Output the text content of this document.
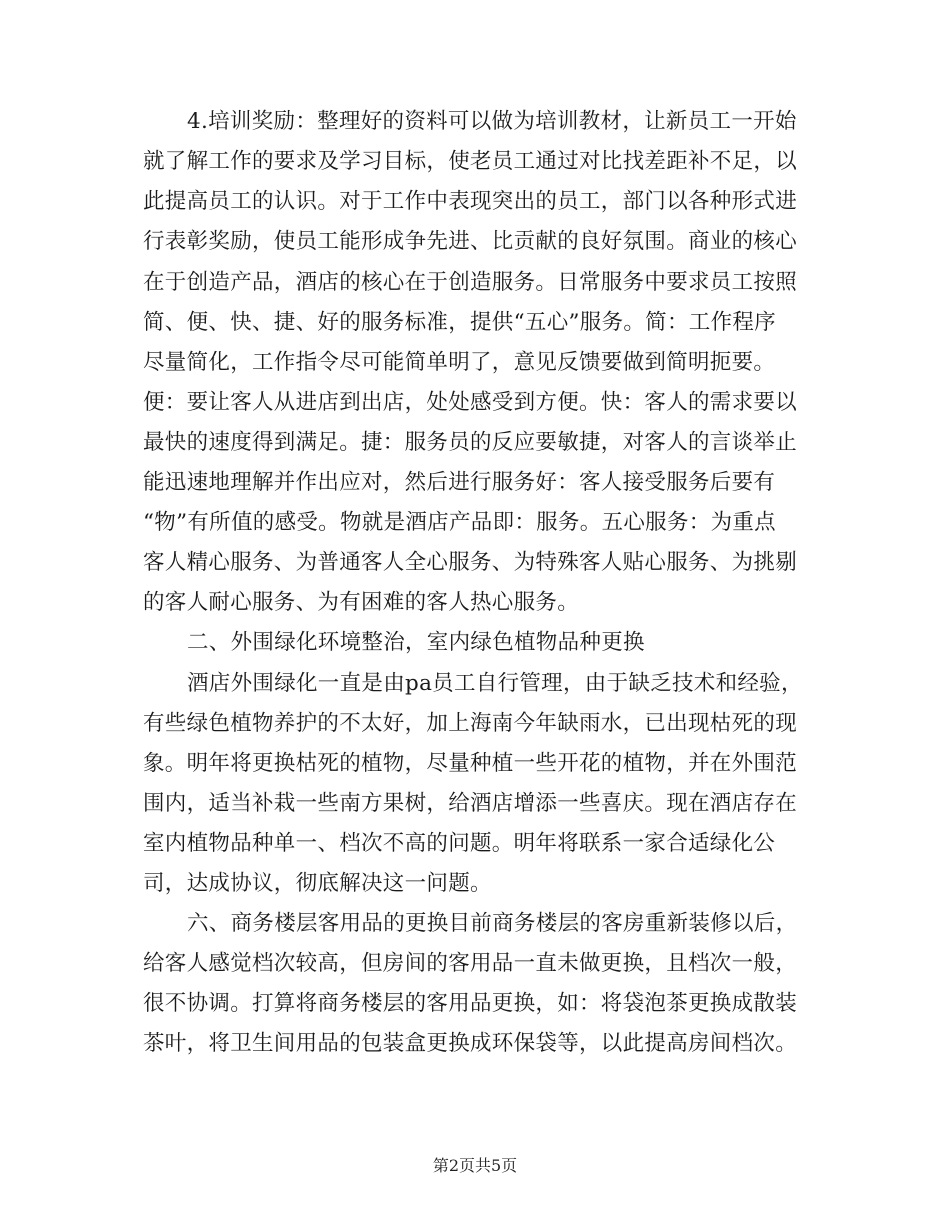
4.培训奖励：整理好的资料可以做为培训教材，让新员工一开始
就了解工作的要求及学习目标，使老员工通过对比找差距补不足，以
此提高员工的认识。对于工作中表现突出的员工，部门以各种形式进
行表彰奖励，使员工能形成争先进、比贡献的良好氛围。商业的核心
在于创造产品，酒店的核心在于创造服务。日常服务中要求员工按照
简、便、快、捷、好的服务标准，提供“五心”服务。简：工作程序
尽量简化，工作指令尽可能简单明了，意见反馈要做到简明扼要。
便：要让客人从进店到出店，处处感受到方便。快：客人的需求要以
最快的速度得到满足。捷：服务员的反应要敏捷，对客人的言谈举止
能迅速地理解并作出应对，然后进行服务好：客人接受服务后要有
“物”有所值的感受。物就是酒店产品即：服务。五心服务：为重点
客人精心服务、为普通客人全心服务、为特殊客人贴心服务、为挑剔
的客人耐心服务、为有困难的客人热心服务。
二、外围绿化环境整治，室内绿色植物品种更换
酒店外围绿化一直是由pa员工自行管理，由于缺乏技术和经验，
有些绿色植物养护的不太好，加上海南今年缺雨水，已出现枯死的现
象。明年将更换枯死的植物，尽量种植一些开花的植物，并在外围范
围内，适当补栽一些南方果树，给酒店增添一些喜庆。现在酒店存在
室内植物品种单一、档次不高的问题。明年将联系一家合适绿化公
司，达成协议，彻底解决这一问题。
六、商务楼层客用品的更换目前商务楼层的客房重新装修以后，
给客人感觉档次较高，但房间的客用品一直未做更换，且档次一般，
很不协调。打算将商务楼层的客用品更换，如：将袋泡茶更换成散装
茶叶，将卫生间用品的包装盒更换成环保袋等，以此提高房间档次。
第2页共5页
